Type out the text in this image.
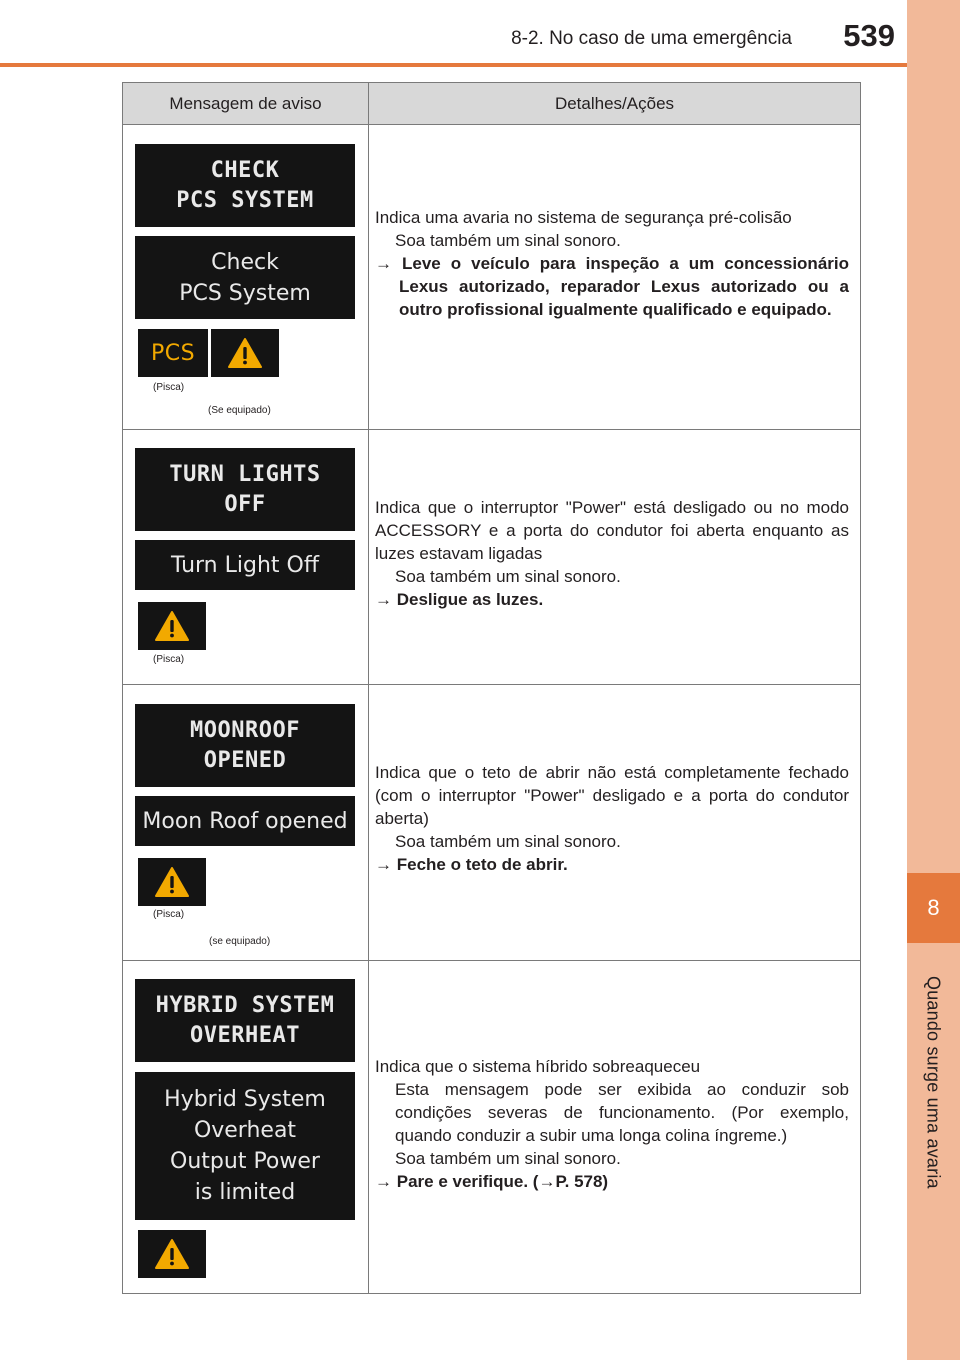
8
Quando surge uma avaria
8-2. No caso de uma emergência	539
Mensagem de aviso	Detalhes/Ações
CHECK
PCS SYSTEM
Check
PCS System
PCS
(Pisca)
(Se equipado)

Indica uma avaria no sistema de segurança pré-colisão

Soa também um sinal sonoro.

→ Leve o veículo para inspeção a um concessionário Lexus autorizado, reparador Lexus autorizado ou a outro profissional igualmente qualificado e equipado.

TURN LIGHTS
OFF
Turn Light Off
(Pisca)

Indica que o interruptor "Power" está desligado ou no modo ACCESSORY e a porta do condutor foi aberta enquanto as luzes estavam ligadas

Soa também um sinal sonoro.

→ Desligue as luzes.

MOONROOF
OPENED
Moon Roof opened
(Pisca)
(se equipado)

Indica que o teto de abrir não está completamente fechado (com o interruptor "Power" desligado e a porta do condutor aberta)

Soa também um sinal sonoro.

→ Feche o teto de abrir.

HYBRID SYSTEM
OVERHEAT
Hybrid System
Overheat
Output Power
is limited

Indica que o sistema híbrido sobreaqueceu

Esta mensagem pode ser exibida ao conduzir sob condições severas de funcionamento. (Por exemplo, quando conduzir a subir uma longa colina íngreme.)

Soa também um sinal sonoro.

→ Pare e verifique. (→P. 578)
